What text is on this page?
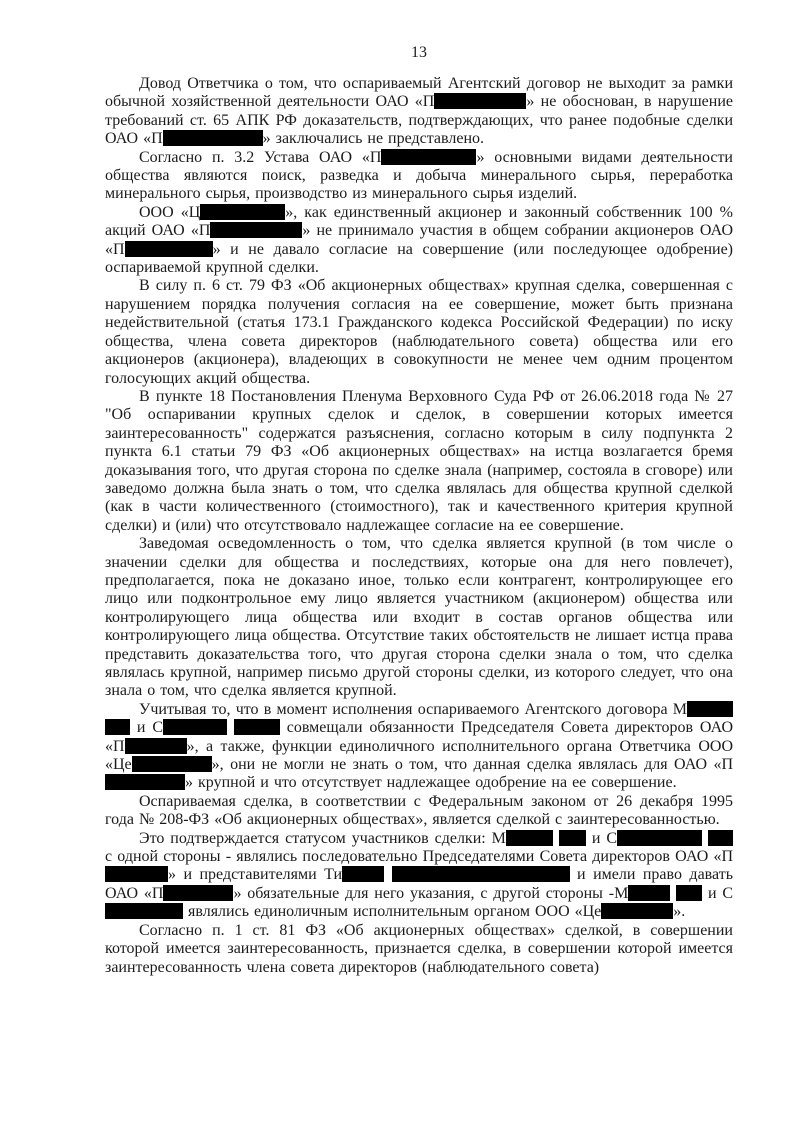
13

Довод Ответчика о том, что оспариваемый Агентский договор не выходит за рамки обычной хозяйственной деятельности ОАО «П	» не обоснован, в нарушение требований ст. 65 АПК РФ доказательств, подтверждающих, что ранее подобные сделки ОАО «П	» заключались не представлено.

Согласно п. 3.2 Устава ОАО «П	» основными видами деятельности общества являются поиск, разведка и добыча минерального сырья, переработка минерального сырья, производство из минерального сырья изделий.

ООО «Ц	», как единственный акционер и законный собственник 100 % акций ОАО «П	» не принимало участия в общем собрании акционеров ОАО «П	» и не давало согласие на совершение (или последующее одобрение) оспариваемой крупной сделки.

В силу п. 6 ст. 79 ФЗ «Об акционерных обществах» крупная сделка, совершенная с нарушением порядка получения согласия на ее совершение, может быть признана недействительной (статья 173.1 Гражданского кодекса Российской Федерации) по иску общества, члена совета директоров (наблюдательного совета) общества или его акционеров (акционера), владеющих в совокупности не менее чем одним процентом голосующих акций общества.

В пункте 18 Постановления Пленума Верховного Суда РФ от 26.06.2018 года № 27 "Об оспаривании крупных сделок и сделок, в совершении которых имеется заинтересованность" содержатся разъяснения, согласно которым в силу подпункта 2 пункта 6.1 статьи 79 ФЗ «Об акционерных обществах» на истца возлагается бремя доказывания того, что другая сторона по сделке знала (например, состояла в сговоре) или заведомо должна была знать о том, что сделка являлась для общества крупной сделкой (как в части количественного (стоимостного), так и качественного критерия крупной сделки) и (или) что отсутствовало надлежащее согласие на ее совершение.

Заведомая осведомленность о том, что сделка является крупной (в том числе о значении сделки для общества и последствиях, которые она для него повлечет), предполагается, пока не доказано иное, только если контрагент, контролирующее его лицо или подконтрольное ему лицо является участником (акционером) общества или контролирующего лица общества или входит в состав органов общества или контролирующего лица общества. Отсутствие таких обстоятельств не лишает истца права представить доказательства того, что другая сторона сделки знала о том, что сделка являлась крупной, например письмо другой стороны сделки, из которого следует, что она знала о том, что сделка является крупной.

Учитывая то, что в момент исполнения оспариваемого Агентского договора М  и С	совмещали обязанности Председателя Совета директоров ОАО «П	», а также, функции единоличного исполнительного органа Ответчика ООО «Це	», они не могли не знать о том, что данная сделка являлась для ОАО «П» крупной и что отсутствует надлежащее одобрение на ее совершение.

Оспариваемая сделка, в соответствии с Федеральным законом от 26 декабря 1995 года № 208-ФЗ «Об акционерных обществах», является сделкой с заинтересованностью.

Это подтверждается статусом участников сделки: М	и С  с одной стороны - являлись последовательно Председателями Совета директоров ОАО «П» и представителями Ти	и имели право давать ОАО «П	» обязательные для него указания, с другой стороны -М	и С являлись единоличным исполнительным органом ООО «Це	».

Согласно п. 1 ст. 81 ФЗ «Об акционерных обществах» сделкой, в совершении которой имеется заинтересованность, признается сделка, в совершении которой имеется заинтересованность члена совета директоров (наблюдательного совета)
